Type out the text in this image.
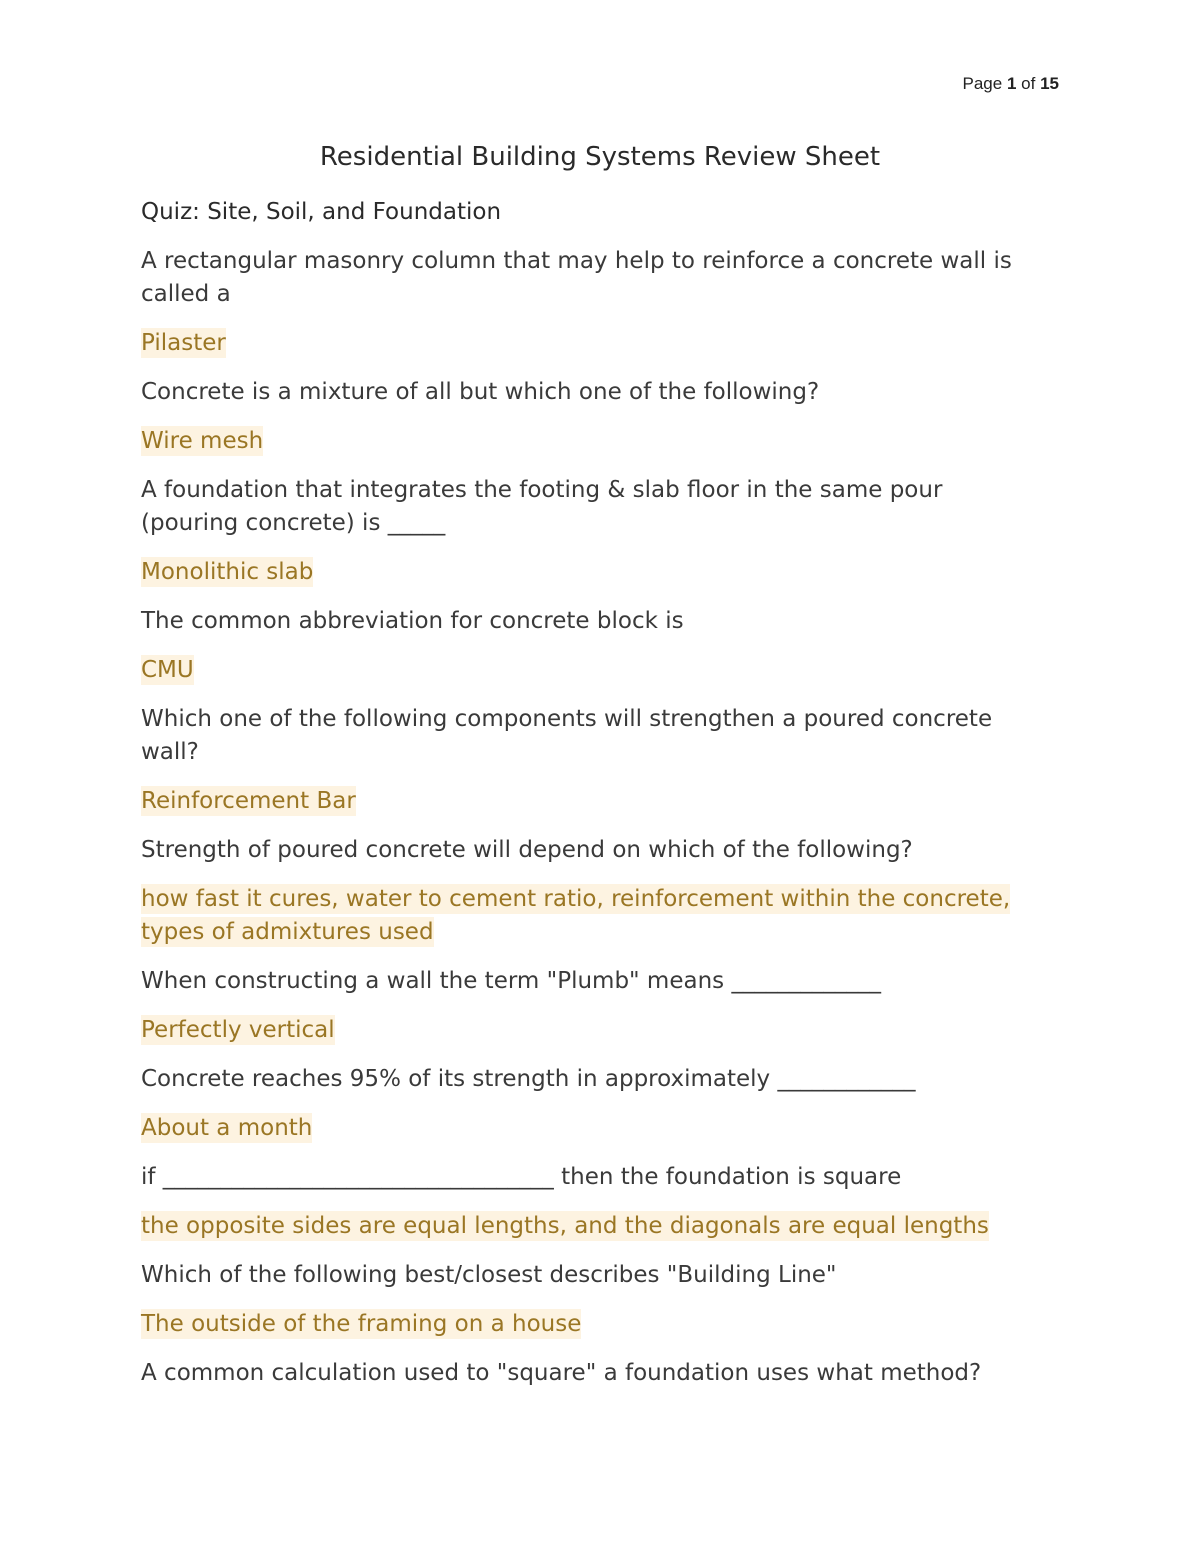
Page 1 of 15
Residential Building Systems Review Sheet

Quiz: Site, Soil, and Foundation

A rectangular masonry column that may help to reinforce a concrete wall is called a

Pilaster

Concrete is a mixture of all but which one of the following?

Wire mesh

A foundation that integrates the footing & slab floor in the same pour (pouring concrete) is _____

Monolithic slab

The common abbreviation for concrete block is

CMU

Which one of the following components will strengthen a poured concrete wall?

Reinforcement Bar

Strength of poured concrete will depend on which of the following?

how fast it cures, water to cement ratio, reinforcement within the concrete, types of admixtures used

When constructing a wall the term "Plumb" means _____________

Perfectly vertical

Concrete reaches 95% of its strength in approximately ____________

About a month

if __________________________________ then the foundation is square

the opposite sides are equal lengths, and the diagonals are equal lengths

Which of the following best/closest describes "Building Line"

The outside of the framing on a house

A common calculation used to "square" a foundation uses what method?
